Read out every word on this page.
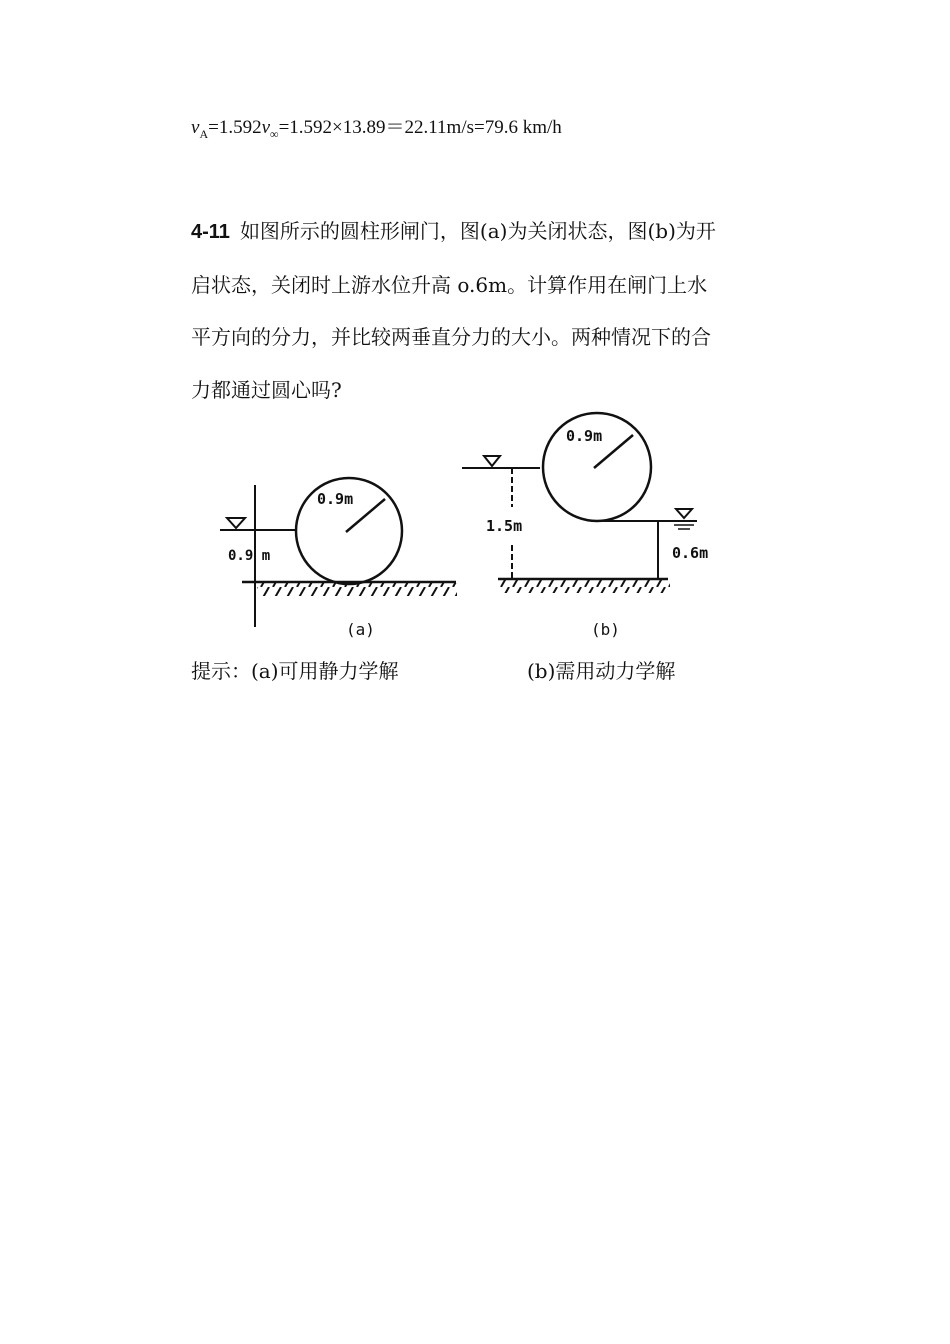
$v_A=1.592v_\infty=1.592\times 13.89=22.11m/s=79.6$ km/h

4-11 如图所示的圆柱形闸门，图(a)为关闭状态，图(b)为开

启状态，关闭时上游水位升高 o.6m。计算作用在闸门上水

平方向的分力，并比较两垂直分力的大小。两种情况下的合

力都通过圆心吗?

0.9m
0.9 m
(a)
1.5m
0.9m
0.6m
(b)
提示：(a)可用静力学解	(b)需用动力学解
